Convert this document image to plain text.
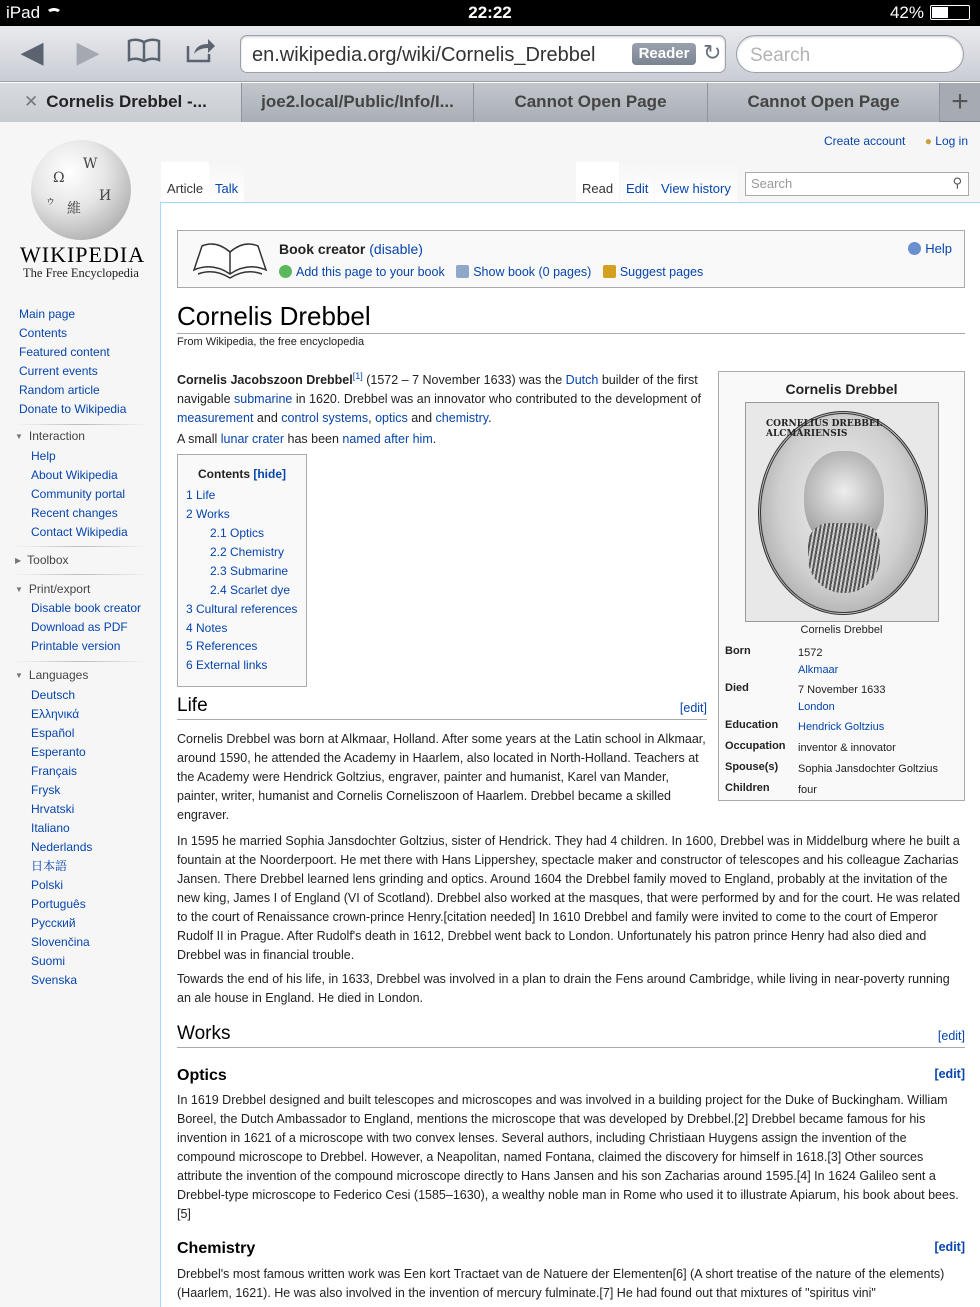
iPad	22:22	42%
◀ ▶	en.wikipedia.org/wiki/Cornelis_Drebbel	Reader ↻	Search
✕ Cornelis Drebbel -...	joe2.local/Public/Info/I...	Cannot Open Page	Cannot Open Page	+
Ω
W
維
И
ゥ
WIKIPEDIA
The Free Encyclopedia
Main page
Contents
Featured content
Current events
Random article
Donate to Wikipedia
▼ Interaction
Help
About Wikipedia
Community portal
Recent changes
Contact Wikipedia
▶ Toolbox
▼ Print/export
Disable book creator
Download as PDF
Printable version
▼ Languages
Deutsch
Ελληνικά
Español
Esperanto
Français
Frysk
Hrvatski
Italiano
Nederlands
日本語
Polski
Português
Русский
Slovenčina
Suomi
Svenska
Create account ● Log in
Article Talk	Read Edit View history	Search	⚲
Book creator (disable)
Add this page to your book Show book (0 pages) Suggest pages
Help
Cornelis Drebbel
From Wikipedia, the free encyclopedia
Cornelis Jacobszoon Drebbel[1] (1572 – 7 November 1633) was the Dutch builder of the first navigable submarine in 1620. Drebbel was an innovator who contributed to the development of measurement and control systems, optics and chemistry.
A small lunar crater has been named after him.
Cornelis Drebbel
CORNELIUS DREBBEL ALCMARIENSIS
Cornelis Drebbel
Born	1572
Alkmaar
Died	7 November 1633
London
Education	Hendrick Goltzius
Occupation	inventor & innovator
Spouse(s)	Sophia Jansdochter Goltzius
Children	four
Contents [hide]
1 Life
2 Works
2.1 Optics
2.2 Chemistry
2.3 Submarine
2.4 Scarlet dye
3 Cultural references
4 Notes
5 References
6 External links
Life	[edit]
Cornelis Drebbel was born at Alkmaar, Holland. After some years at the Latin school in Alkmaar, around 1590, he attended the Academy in Haarlem, also located in North-Holland. Teachers at the Academy were Hendrick Goltzius, engraver, painter and humanist, Karel van Mander, painter, writer, humanist and Cornelis Corneliszoon of Haarlem. Drebbel became a skilled engraver.
In 1595 he married Sophia Jansdochter Goltzius, sister of Hendrick. They had 4 children. In 1600, Drebbel was in Middelburg where he built a fountain at the Noorderpoort. He met there with Hans Lippershey, spectacle maker and constructor of telescopes and his colleague Zacharias Jansen. There Drebbel learned lens grinding and optics. Around 1604 the Drebbel family moved to England, probably at the invitation of the new king, James I of England (VI of Scotland). Drebbel also worked at the masques, that were performed by and for the court. He was related to the court of Renaissance crown-prince Henry.[citation needed] In 1610 Drebbel and family were invited to come to the court of Emperor Rudolf II in Prague. After Rudolf's death in 1612, Drebbel went back to London. Unfortunately his patron prince Henry had also died and Drebbel was in financial trouble.
Towards the end of his life, in 1633, Drebbel was involved in a plan to drain the Fens around Cambridge, while living in near-poverty running an ale house in England. He died in London.
Works	[edit]
Optics	[edit]
In 1619 Drebbel designed and built telescopes and microscopes and was involved in a building project for the Duke of Buckingham. William Boreel, the Dutch Ambassador to England, mentions the microscope that was developed by Drebbel.[2] Drebbel became famous for his invention in 1621 of a microscope with two convex lenses. Several authors, including Christiaan Huygens assign the invention of the compound microscope to Drebbel. However, a Neapolitan, named Fontana, claimed the discovery for himself in 1618.[3] Other sources attribute the invention of the compound microscope directly to Hans Jansen and his son Zacharias around 1595.[4] In 1624 Galileo sent a Drebbel-type microscope to Federico Cesi (1585–1630), a wealthy noble man in Rome who used it to illustrate Apiarum, his book about bees.[5]
Chemistry	[edit]
Drebbel's most famous written work was Een kort Tractaet van de Natuere der Elementen[6] (A short treatise of the nature of the elements) (Haarlem, 1621). He was also involved in the invention of mercury fulminate.[7] He had found out that mixtures of "spiritus vini"
